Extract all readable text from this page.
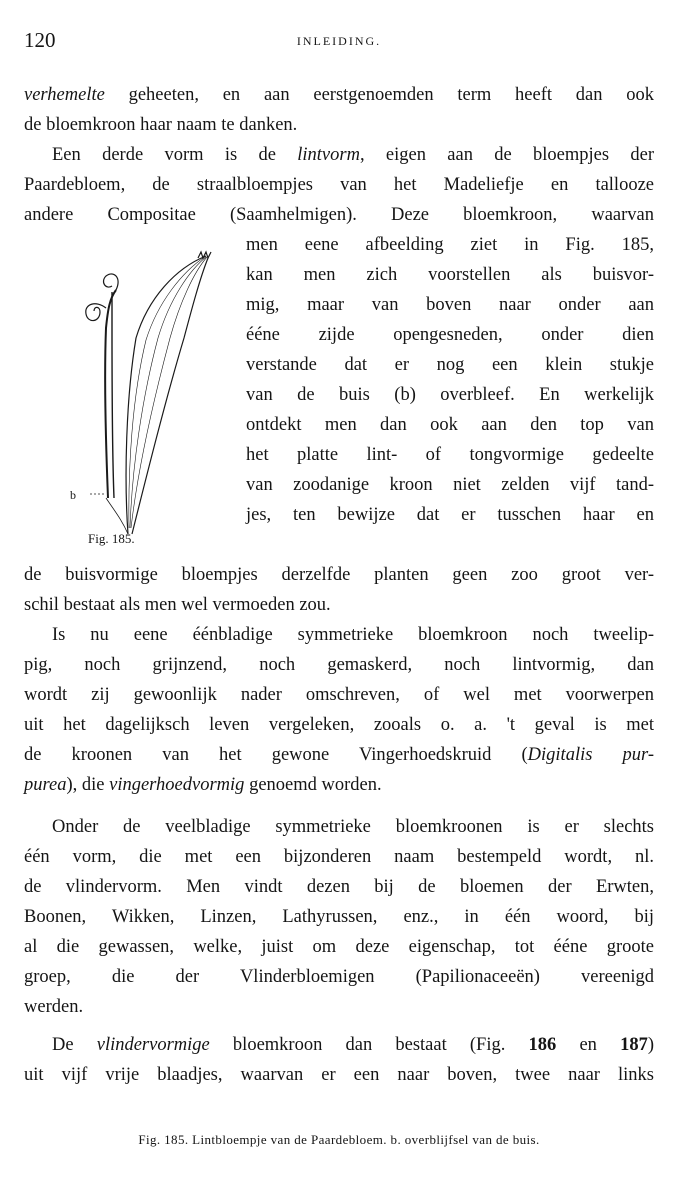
120	INLEIDING.
verhemelte geheeten, en aan eerstgenoemden term heeft dan ook
de bloemkroon haar naam te danken.
Een derde vorm is de lintvorm, eigen aan de bloempjes der
Paardebloem, de straalbloempjes van het Madeliefje en tallooze
andere Compositae (Saamhelmigen). Deze bloemkroon, waarvan
men eene afbeelding ziet in Fig. 185,
kan men zich voorstellen als buisvor-
mig, maar van boven naar onder aan
ééne zijde opengesneden, onder dien
verstande dat er nog een klein stukje
van de buis (b) overbleef. En werkelijk
ontdekt men dan ook aan den top van
het platte lint- of tongvormige gedeelte
van zoodanige kroon niet zelden vijf tand-
jes, ten bewijze dat er tusschen haar en
b
Fig. 185.
de buisvormige bloempjes derzelfde planten geen zoo groot ver-
schil bestaat als men wel vermoeden zou.
Is nu eene éénbladige symmetrieke bloemkroon noch tweelip-
pig, noch grijnzend, noch gemaskerd, noch lintvormig, dan
wordt zij gewoonlijk nader omschreven, of wel met voorwerpen
uit het dagelijksch leven vergeleken, zooals o. a. 't geval is met
de kroonen van het gewone Vingerhoedskruid (Digitalis pur-
purea), die vingerhoedvormig genoemd worden.
Onder de veelbladige symmetrieke bloemkroonen is er slechts
één vorm, die met een bijzonderen naam bestempeld wordt, nl.
de vlindervorm. Men vindt dezen bij de bloemen der Erwten,
Boonen, Wikken, Linzen, Lathyrussen, enz., in één woord, bij
al die gewassen, welke, juist om deze eigenschap, tot ééne groote
groep, die der Vlinderbloemigen (Papilionaceeën) vereenigd
werden.
De vlindervormige bloemkroon dan bestaat (Fig. 186 en 187)
uit vijf vrije blaadjes, waarvan er een naar boven, twee naar links
Fig. 185. Lintbloempje van de Paardebloem. b. overblijfsel van de buis.
